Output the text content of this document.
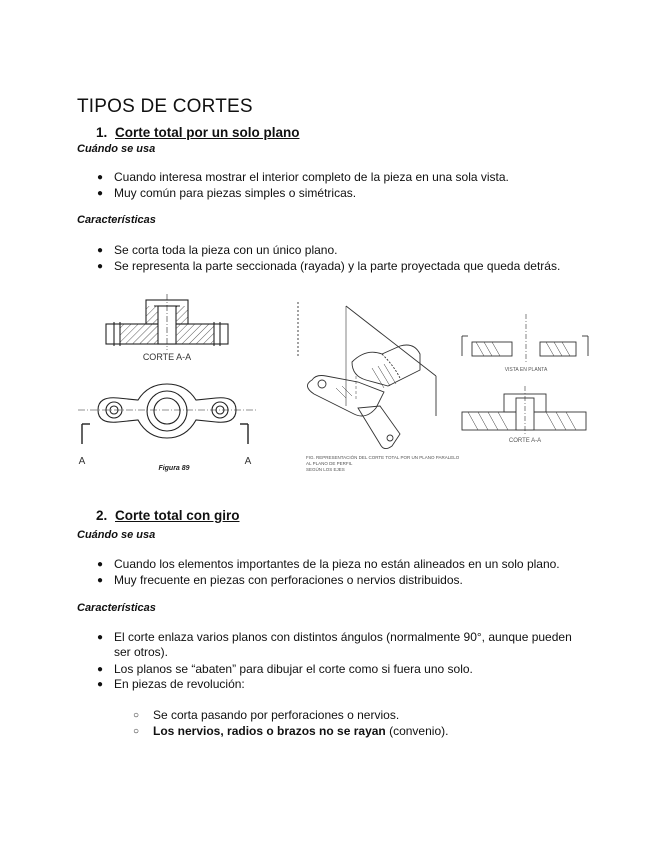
TIPOS DE CORTES
1. Corte total por un solo plano
Cuándo se usa
● Cuando interesa mostrar el interior completo de la pieza en una sola vista.
● Muy común para piezas simples o simétricas.
Características
● Se corta toda la pieza con un único plano.
● Se representa la parte seccionada (rayada) y la parte proyectada que queda detrás.
CORTE A-A
A	A
Figura 89
VISTA EN PLANTA
CORTE A-A
FIG. REPRESENTACIÓN DEL CORTE TOTAL POR UN PLANO PARALELO
AL PLANO DE PERFIL
SEGÚN LOS EJES
2. Corte total con giro
Cuándo se usa
● Cuando los elementos importantes de la pieza no están alineados en un solo plano.
● Muy frecuente en piezas con perforaciones o nervios distribuidos.
Características
● El corte enlaza varios planos con distintos ángulos (normalmente 90°, aunque pueden
ser otros).
● Los planos se “abaten” para dibujar el corte como si fuera uno solo.
● En piezas de revolución:
○ Se corta pasando por perforaciones o nervios.
○ Los nervios, radios o brazos no se rayan (convenio).
